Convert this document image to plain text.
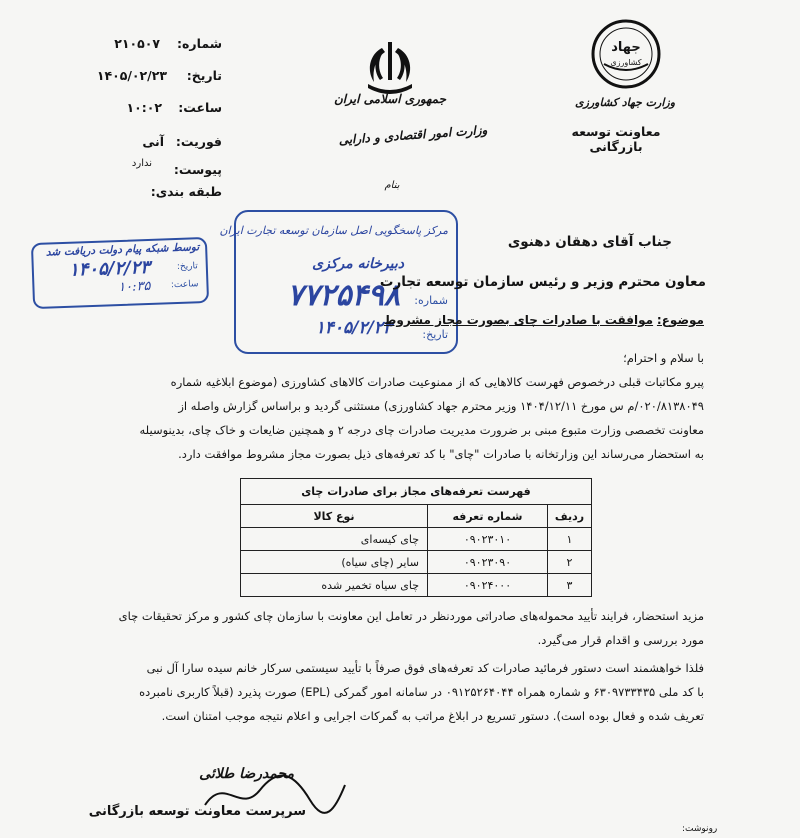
شماره:
۲۱۰۵۰۷
تاریخ:
۱۴۰۵/۰۲/۲۳
ساعت:
۱۰:۰۲
فوریت:
آنی
پیوست:
ندارد
طبقه بندی:
جمهوری اسلامی ایران
وزارت امور اقتصادی و دارایی
بنام
جهاد
کشاورزی
وزارت جهاد کشاورزی
معاونت توسعه بازرگانی
توسط شبکه پیام دولت دریافت شد
تاریخ:
ساعت:
۱۴۰۵/۲/۲۳
۱۰:۳۵
مرکز پاسخگویی اصل سازمان توسعه تجارت ایران
دبیرخانه مرکزی
شماره:
۷۷۲۵۴۹۸
تاریخ:
۱۴۰۵/۲/۲۳
جناب آقای دهقان دهنوی
معاون محترم وزیر و رئیس سازمان توسعه تجارت
موضوع: موافقت با صادرات چای بصورت مجاز مشروط
با سلام و احترام؛
پیرو مکاتبات قبلی درخصوص فهرست کالاهایی که از ممنوعیت صادرات کالاهای کشاورزی (موضوع ابلاغیه شماره
۰۲۰/۸۱۳۸۰۴۹/م س مورخ ۱۴۰۴/۱۲/۱۱ وزیر محترم جهاد کشاورزی) مستثنی گردید و براساس گزارش واصله از
معاونت تخصصی وزارت متبوع مبنی بر ضرورت مدیریت صادرات چای درجه ۲ و همچنین ضایعات و خاک چای، بدینوسیله
به استحضار می‌رساند این وزارتخانه با صادرات "چای" با کد تعرفه‌های ذیل بصورت مجاز مشروط موافقت دارد.
فهرست تعرفه‌های مجاز برای صادرات چای		
ردیف	شماره تعرفه	نوع کالا
۱	۰۹۰۲۳۰۱۰	چای کیسه‌ای
۲	۰۹۰۲۳۰۹۰	سایر (چای سیاه)
۳	۰۹۰۲۴۰۰۰	چای سیاه تخمیر شده
مزید استحضار، فرایند تأیید محموله‌های صادراتی موردنظر در تعامل این معاونت با سازمان چای کشور و مرکز تحقیقات چای
مورد بررسی و اقدام قرار می‌گیرد.
فلذا خواهشمند است دستور فرمائید صادرات کد تعرفه‌های فوق صرفاً با تأیید سیستمی سرکار خانم سیده سارا آل نبی
با کد ملی ۶۳۰۹۷۳۳۴۳۵ و شماره همراه ۰۹۱۲۵۲۶۴۰۴۴ در سامانه امور گمرکی (EPL) صورت پذیرد (قبلاً کاربری نامبرده
تعریف شده و فعال بوده است). دستور تسریع در ابلاغ مراتب به گمرکات اجرایی و اعلام نتیجه موجب امتنان است.
محمدرضا طلائی
سرپرست معاونت توسعه بازرگانی
رونوشت:
